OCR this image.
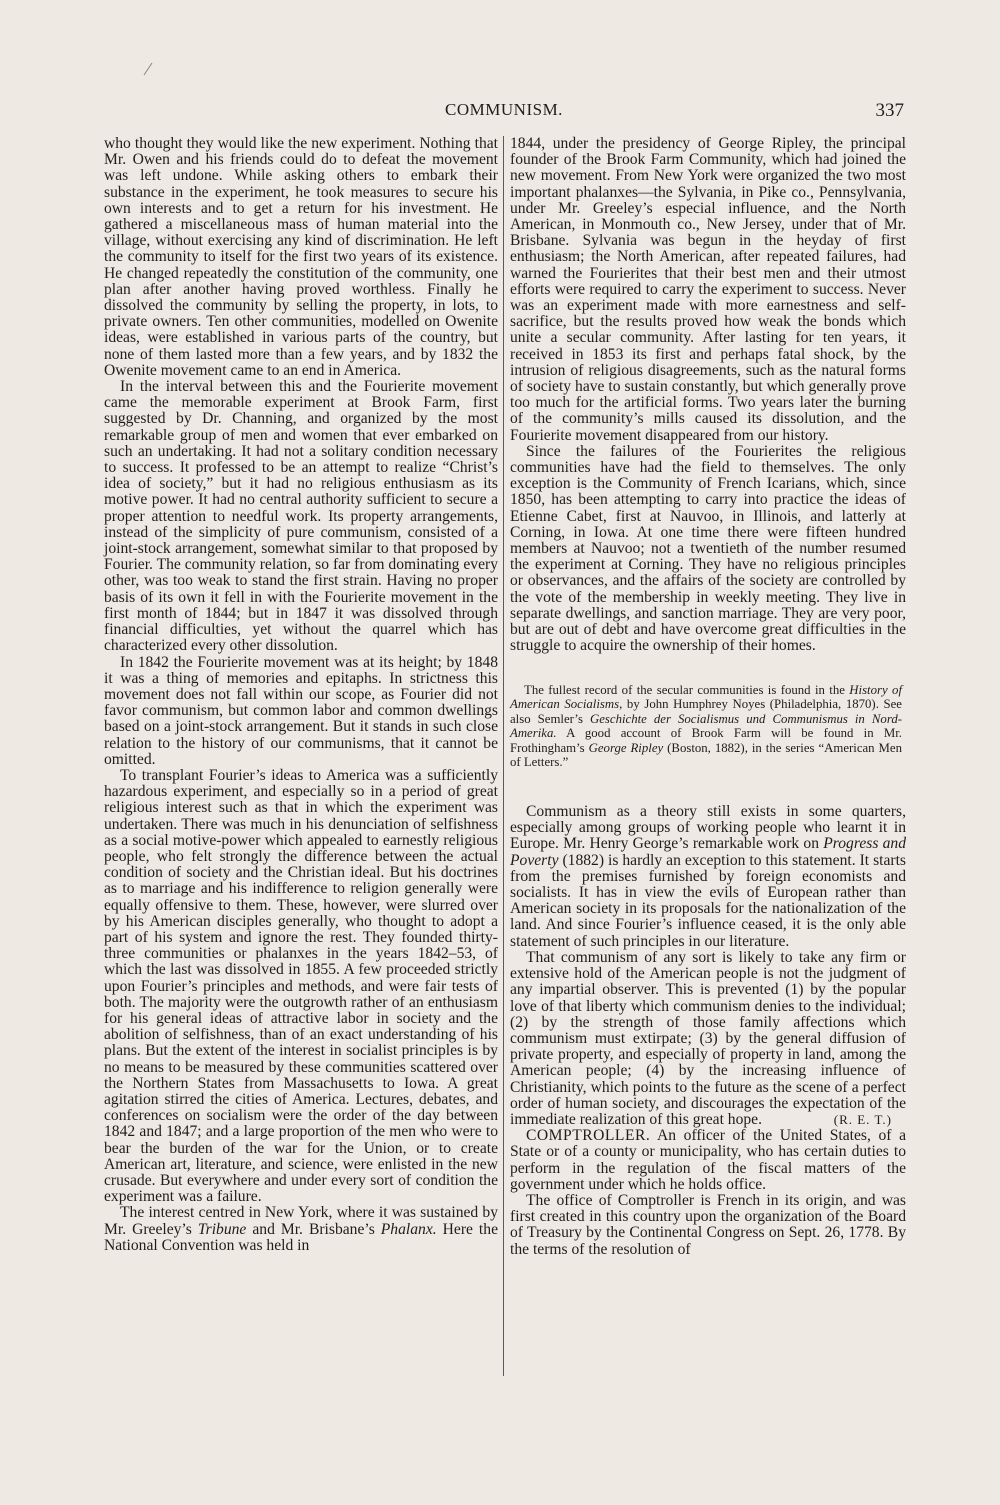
COMMUNISM.	337

who thought they would like the new experiment. Nothing that Mr. Owen and his friends could do to defeat the movement was left undone. While asking others to embark their substance in the experiment, he took measures to secure his own interests and to get a return for his investment. He gathered a miscellaneous mass of human material into the village, without exercising any kind of discrimination. He left the community to itself for the first two years of its existence. He changed repeatedly the constitution of the community, one plan after another having proved worthless. Finally he dissolved the community by selling the property, in lots, to private owners. Ten other communities, modelled on Owenite ideas, were established in various parts of the country, but none of them lasted more than a few years, and by 1832 the Owenite movement came to an end in America.

In the interval between this and the Fourierite movement came the memorable experiment at Brook Farm, first suggested by Dr. Channing, and organized by the most remarkable group of men and women that ever embarked on such an undertaking. It had not a solitary condition necessary to success. It professed to be an attempt to realize “Christ’s idea of society,” but it had no religious enthusiasm as its motive power. It had no central authority sufficient to secure a proper attention to needful work. Its property arrangements, instead of the simplicity of pure communism, consisted of a joint-stock arrangement, somewhat similar to that proposed by Fourier. The community relation, so far from dominating every other, was too weak to stand the first strain. Having no proper basis of its own it fell in with the Fourierite movement in the first month of 1844; but in 1847 it was dissolved through financial difficulties, yet without the quarrel which has characterized every other dissolution.

In 1842 the Fourierite movement was at its height; by 1848 it was a thing of memories and epitaphs. In strictness this movement does not fall within our scope, as Fourier did not favor communism, but common labor and common dwellings based on a joint-stock arrangement. But it stands in such close relation to the history of our communisms, that it cannot be omitted.

To transplant Fourier’s ideas to America was a sufficiently hazardous experiment, and especially so in a period of great religious interest such as that in which the experiment was undertaken. There was much in his denunciation of selfishness as a social motive-power which appealed to earnestly religious people, who felt strongly the difference between the actual condition of society and the Christian ideal. But his doctrines as to marriage and his indifference to religion generally were equally offensive to them. These, however, were slurred over by his American disciples generally, who thought to adopt a part of his system and ignore the rest. They founded thirty-three communities or phalanxes in the years 1842–53, of which the last was dissolved in 1855. A few proceeded strictly upon Fourier’s principles and methods, and were fair tests of both. The majority were the outgrowth rather of an enthusiasm for his general ideas of attractive labor in society and the abolition of selfishness, than of an exact understanding of his plans. But the extent of the interest in socialist principles is by no means to be measured by these communities scattered over the Northern States from Massachusetts to Iowa. A great agitation stirred the cities of America. Lectures, debates, and conferences on socialism were the order of the day between 1842 and 1847; and a large proportion of the men who were to bear the burden of the war for the Union, or to create American art, literature, and science, were enlisted in the new crusade. But everywhere and under every sort of condition the experiment was a failure.

The interest centred in New York, where it was sustained by Mr. Greeley’s Tribune and Mr. Brisbane’s Phalanx. Here the National Convention was held in

1844, under the presidency of George Ripley, the principal founder of the Brook Farm Community, which had joined the new movement. From New York were organized the two most important phalanxes—the Sylvania, in Pike co., Pennsylvania, under Mr. Greeley’s especial influence, and the North American, in Monmouth co., New Jersey, under that of Mr. Brisbane. Sylvania was begun in the heyday of first enthusiasm; the North American, after repeated failures, had warned the Fourierites that their best men and their utmost efforts were required to carry the experiment to success. Never was an experiment made with more earnestness and self-sacrifice, but the results proved how weak the bonds which unite a secular community. After lasting for ten years, it received in 1853 its first and perhaps fatal shock, by the intrusion of religious disagreements, such as the natural forms of society have to sustain constantly, but which generally prove too much for the artificial forms. Two years later the burning of the community’s mills caused its dissolution, and the Fourierite movement disappeared from our history.

Since the failures of the Fourierites the religious communities have had the field to themselves. The only exception is the Community of French Icarians, which, since 1850, has been attempting to carry into practice the ideas of Etienne Cabet, first at Nauvoo, in Illinois, and latterly at Corning, in Iowa. At one time there were fifteen hundred members at Nauvoo; not a twentieth of the number resumed the experiment at Corning. They have no religious principles or observances, and the affairs of the society are controlled by the vote of the membership in weekly meeting. They live in separate dwellings, and sanction marriage. They are very poor, but are out of debt and have overcome great difficulties in the struggle to acquire the ownership of their homes.

The fullest record of the secular communities is found in the History of American Socialisms, by John Humphrey Noyes (Philadelphia, 1870). See also Semler’s Geschichte der Socialismus und Communismus in Nord-Amerika. A good account of Brook Farm will be found in Mr. Frothingham’s George Ripley (Boston, 1882), in the series “American Men of Letters.”

Communism as a theory still exists in some quarters, especially among groups of working people who learnt it in Europe. Mr. Henry George’s remarkable work on Progress and Poverty (1882) is hardly an exception to this statement. It starts from the premises furnished by foreign economists and socialists. It has in view the evils of European rather than American society in its proposals for the nationalization of the land. And since Fourier’s influence ceased, it is the only able statement of such principles in our literature.

That communism of any sort is likely to take any firm or extensive hold of the American people is not the judgment of any impartial observer. This is prevented (1) by the popular love of that liberty which communism denies to the individual; (2) by the strength of those family affections which communism must extirpate; (3) by the general diffusion of private property, and especially of property in land, among the American people; (4) by the increasing influence of Christianity, which points to the future as the scene of a perfect order of human society, and discourages the expectation of the immediate realization of this great hope.	(R. E. T.)

COMPTROLLER. An officer of the United States, of a State or of a county or municipality, who has certain duties to perform in the regulation of the fiscal matters of the government under which he holds office.

The office of Comptroller is French in its origin, and was first created in this country upon the organization of the Board of Treasury by the Continental Congress on Sept. 26, 1778. By the terms of the resolution of
